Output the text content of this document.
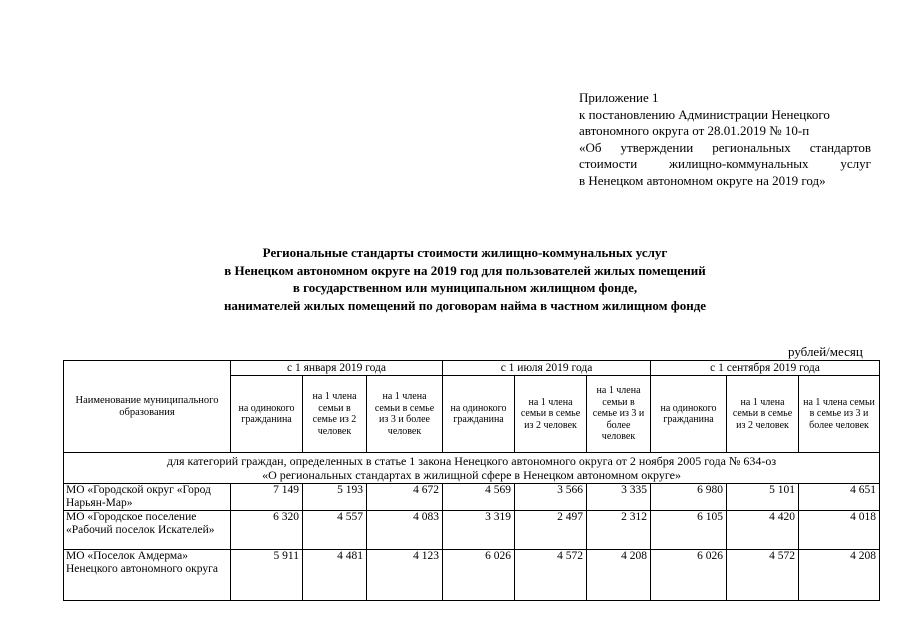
Приложение 1
к постановлению Администрации Ненецкого
автономного округа от 28.01.2019 № 10-п
«Об утверждении региональных стандартов
стоимости жилищно-коммунальных услуг
в Ненецком автономном округе на 2019 год»
Региональные стандарты стоимости жилищно-коммунальных услуг
в Ненецком автономном округе на 2019 год для пользователей жилых помещений
в государственном или муниципальном жилищном фонде,
нанимателей жилых помещений по договорам найма в частном жилищном фонде
рублей/месяц
Наименование муниципального образования	с 1 января 2019 года			с 1 июля 2019 года			с 1 сентября 2019 года		
	на одинокого гражданина	на 1 члена семьи в семье из 2 человек	на 1 члена семьи в семье из 3 и более человек	на одинокого гражданина	на 1 члена семьи в семье из 2 человек	на 1 члена семьи в семье из 3 и более человек	на одинокого гражданина	на 1 члена семьи в семье из 2 человек	на 1 члена семьи в семье из 3 и более человек

для категорий граждан, определенных в статье 1 закона Ненецкого автономного округа от 2 ноября 2005 года № 634-оз
«О региональных стандартах в жилищной сфере в Ненецком автономном округе»									

МО «Городской округ «Город Нарьян-Мар»	7 149	5 193	4 672	4 569	3 566	3 335	6 980	5 101	4 651
МО «Городское поселение «Рабочий поселок Искателей»	6 320	4 557	4 083	3 319	2 497	2 312	6 105	4 420	4 018
МО «Поселок Амдерма» Ненецкого автономного округа	5 911	4 481	4 123	6 026	4 572	4 208	6 026	4 572	4 208
